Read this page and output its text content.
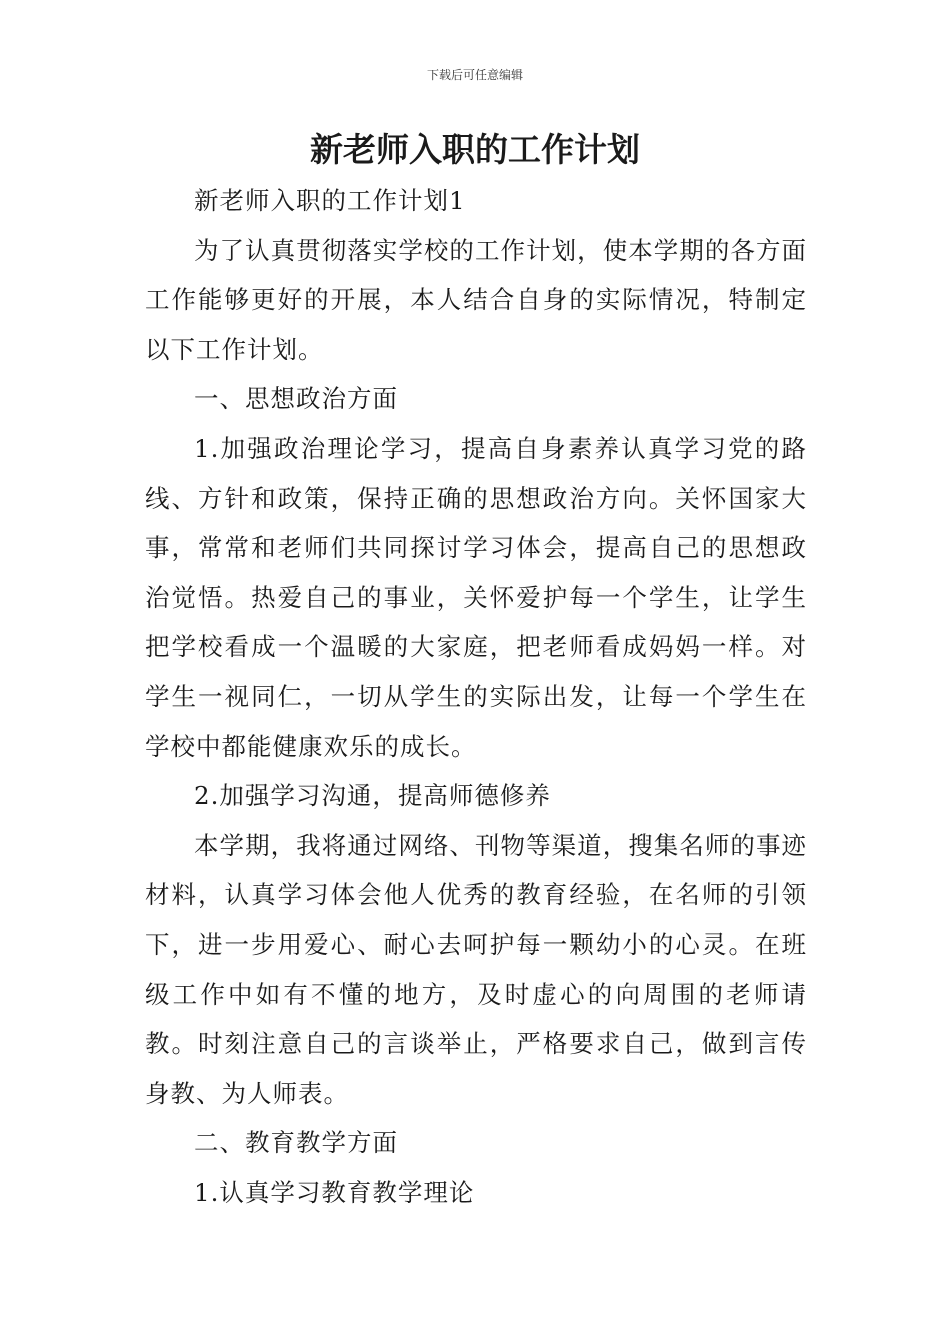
下载后可任意编辑
新老师入职的工作计划

新老师入职的工作计划1

为了认真贯彻落实学校的工作计划，使本学期的各方面工作能够更好的开展，本人结合自身的实际情况，特制定以下工作计划。

一、思想政治方面

1.加强政治理论学习，提高自身素养认真学习党的路线、方针和政策，保持正确的思想政治方向。关怀国家大事，常常和老师们共同探讨学习体会，提高自己的思想政治觉悟。热爱自己的事业，关怀爱护每一个学生，让学生把学校看成一个温暖的大家庭，把老师看成妈妈一样。对学生一视同仁，一切从学生的实际出发，让每一个学生在学校中都能健康欢乐的成长。

2.加强学习沟通，提高师德修养

本学期，我将通过网络、刊物等渠道，搜集名师的事迹材料，认真学习体会他人优秀的教育经验，在名师的引领下，进一步用爱心、耐心去呵护每一颗幼小的心灵。在班级工作中如有不懂的地方，及时虚心的向周围的老师请教。时刻注意自己的言谈举止，严格要求自己，做到言传身教、为人师表。

二、教育教学方面

1.认真学习教育教学理论
